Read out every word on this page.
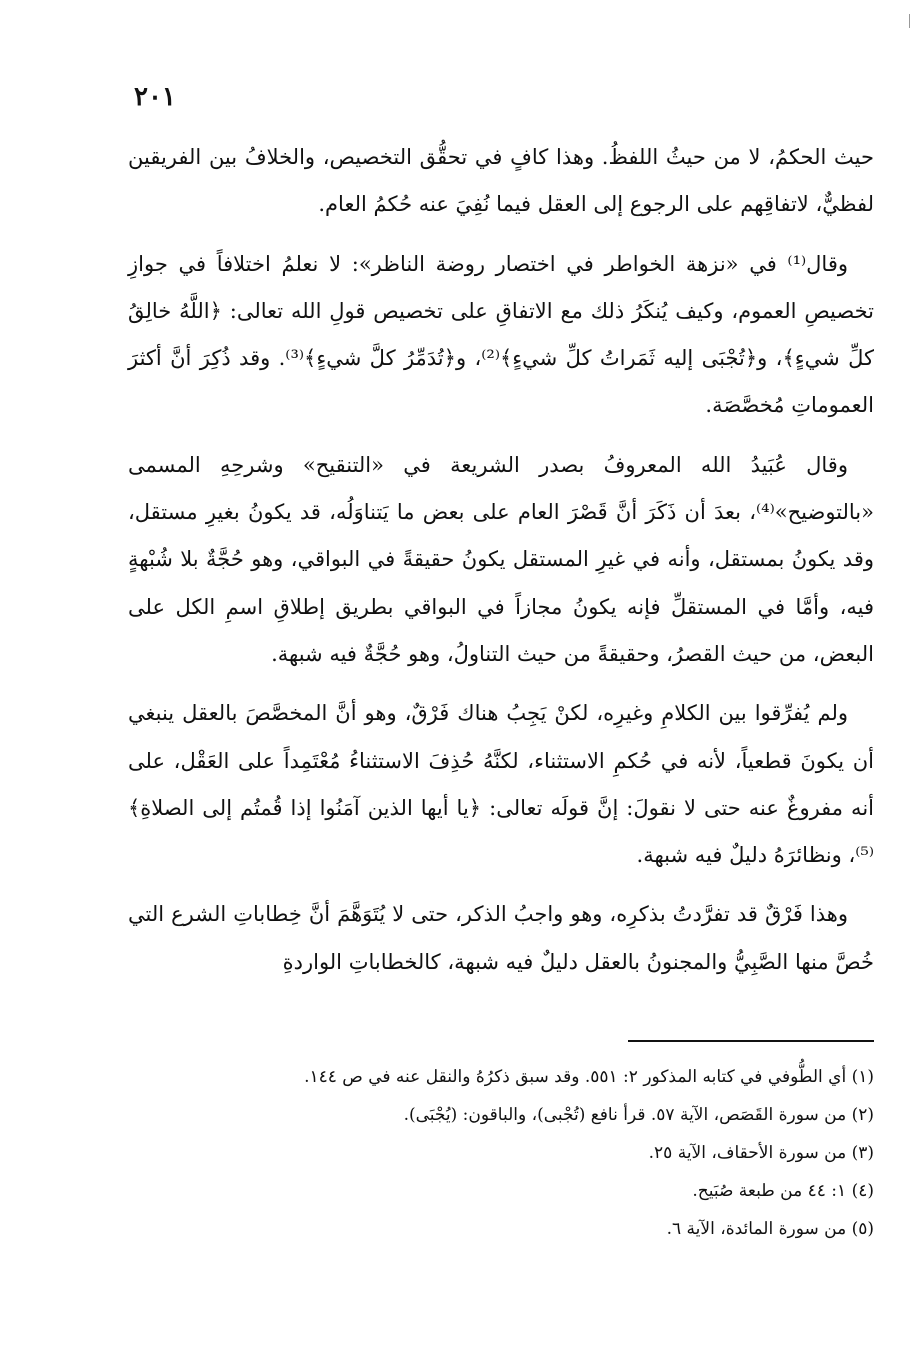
٢٠١

حيث الحكمُ، لا من حيثُ اللفظُ. وهذا كافٍ في تحقُّق التخصيص، والخلافُ بين الفريقين لفظيٌّ، لاتفاقِهم على الرجوع إلى العقل فيما نُفِيَ عنه حُكمُ العام.

وقال⁽¹⁾ في «نزهة الخواطر في اختصار روضة الناظر»: لا نعلمُ اختلافاً في جوازِ تخصيصِ العموم، وكيف يُنكَرُ ذلك مع الاتفاقِ على تخصيص قولِ الله تعالى: ﴿اللَّهُ خالِقُ كلِّ شيءٍ﴾، و﴿تُجْبَى إليه ثَمَراتُ كلِّ شيءٍ﴾⁽²⁾، و﴿تُدَمِّرُ كلَّ شيءٍ﴾⁽³⁾. وقد ذُكِرَ أنَّ أكثرَ العموماتِ مُخصَّصَة.

وقال عُبَيدُ الله المعروفُ بصدر الشريعة في «التنقيح» وشرحِهِ المسمى «بالتوضيح»⁽⁴⁾، بعدَ أن ذَكَرَ أنَّ قَصْرَ العام على بعض ما يَتناوَلُه، قد يكونُ بغيرِ مستقل، وقد يكونُ بمستقل، وأنه في غيرِ المستقل يكونُ حقيقةً في البواقي، وهو حُجَّةٌ بلا شُبْهةٍ فيه، وأمَّا في المستقلِّ فإنه يكونُ مجازاً في البواقي بطريق إطلاقِ اسمِ الكل على البعض، من حيث القصرُ، وحقيقةً من حيث التناولُ، وهو حُجَّةٌ فيه شبهة.

ولم يُفرِّقوا بين الكلامِ وغيرِه، لكنْ يَجِبُ هناك فَرْقٌ، وهو أنَّ المخصَّصَ بالعقل ينبغي أن يكونَ قطعياً، لأنه في حُكمِ الاستثناء، لكنَّهُ حُذِفَ الاستثناءُ مُعْتَمِداً على العَقْل، على أنه مفروغٌ عنه حتى لا نقولَ: إنَّ قولَه تعالى: ﴿يا أيها الذين آمَنُوا إذا قُمتُم إلى الصلاةِ﴾⁽⁵⁾، ونظائرَهُ دليلٌ فيه شبهة.

وهذا فَرْقٌ قد تفرَّدتُ بذكرِه، وهو واجبُ الذكر، حتى لا يُتَوَهَّمَ أنَّ خِطاباتِ الشرع التي خُصَّ منها الصَّبِيُّ والمجنونُ بالعقل دليلٌ فيه شبهة، كالخطاباتِ الواردةِ

(١) أي الطُّوفي في كتابه المذكور ٢: ٥٥١. وقد سبق ذكرُهُ والنقل عنه في ص ١٤٤.

(٢) من سورة القَصَص، الآية ٥٧. قرأ نافع (تُجْبى)، والباقون: (يُجْبَى).

(٣) من سورة الأحقاف، الآية ٢٥.

(٤) ١: ٤٤ من طبعة صُبَيح.

(٥) من سورة المائدة، الآية ٦.
